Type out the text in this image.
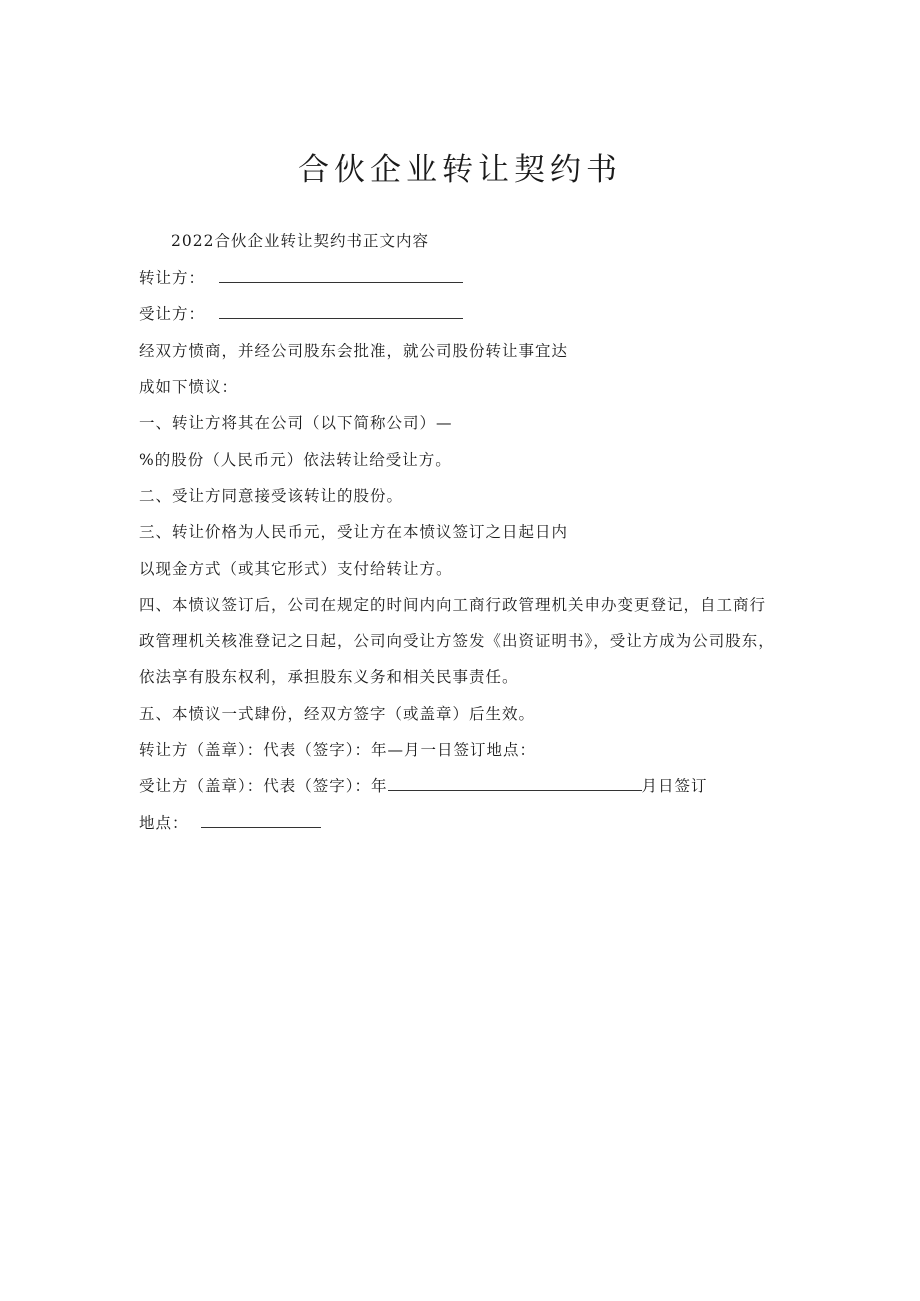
合伙企业转让契约书
2022合伙企业转让契约书正文内容
转让方：
受让方：
经双方愤商，并经公司股东会批准，就公司股份转让事宜达
成如下愤议：
一、转让方将其在公司（以下简称公司）—
%的股份（人民币元）依法转让给受让方。
二、受让方同意接受该转让的股份。
三、转让价格为人民币元，受让方在本愤议签订之日起日内
以现金方式（或其它形式）支付给转让方。
四、本愤议签订后，公司在规定的时间内向工商行政管理机关申办变更登记，自工商行
政管理机关核准登记之日起，公司向受让方签发《出资证明书》，受让方成为公司股东，
依法享有股东权利，承担股东义务和相关民事责任。
五、本愤议一式肆份，经双方签字（或盖章）后生效。
转让方（盖章）：代表（签字）：年—月一日签订地点：
受让方（盖章）：代表（签字）：年	月日签订
地点：
